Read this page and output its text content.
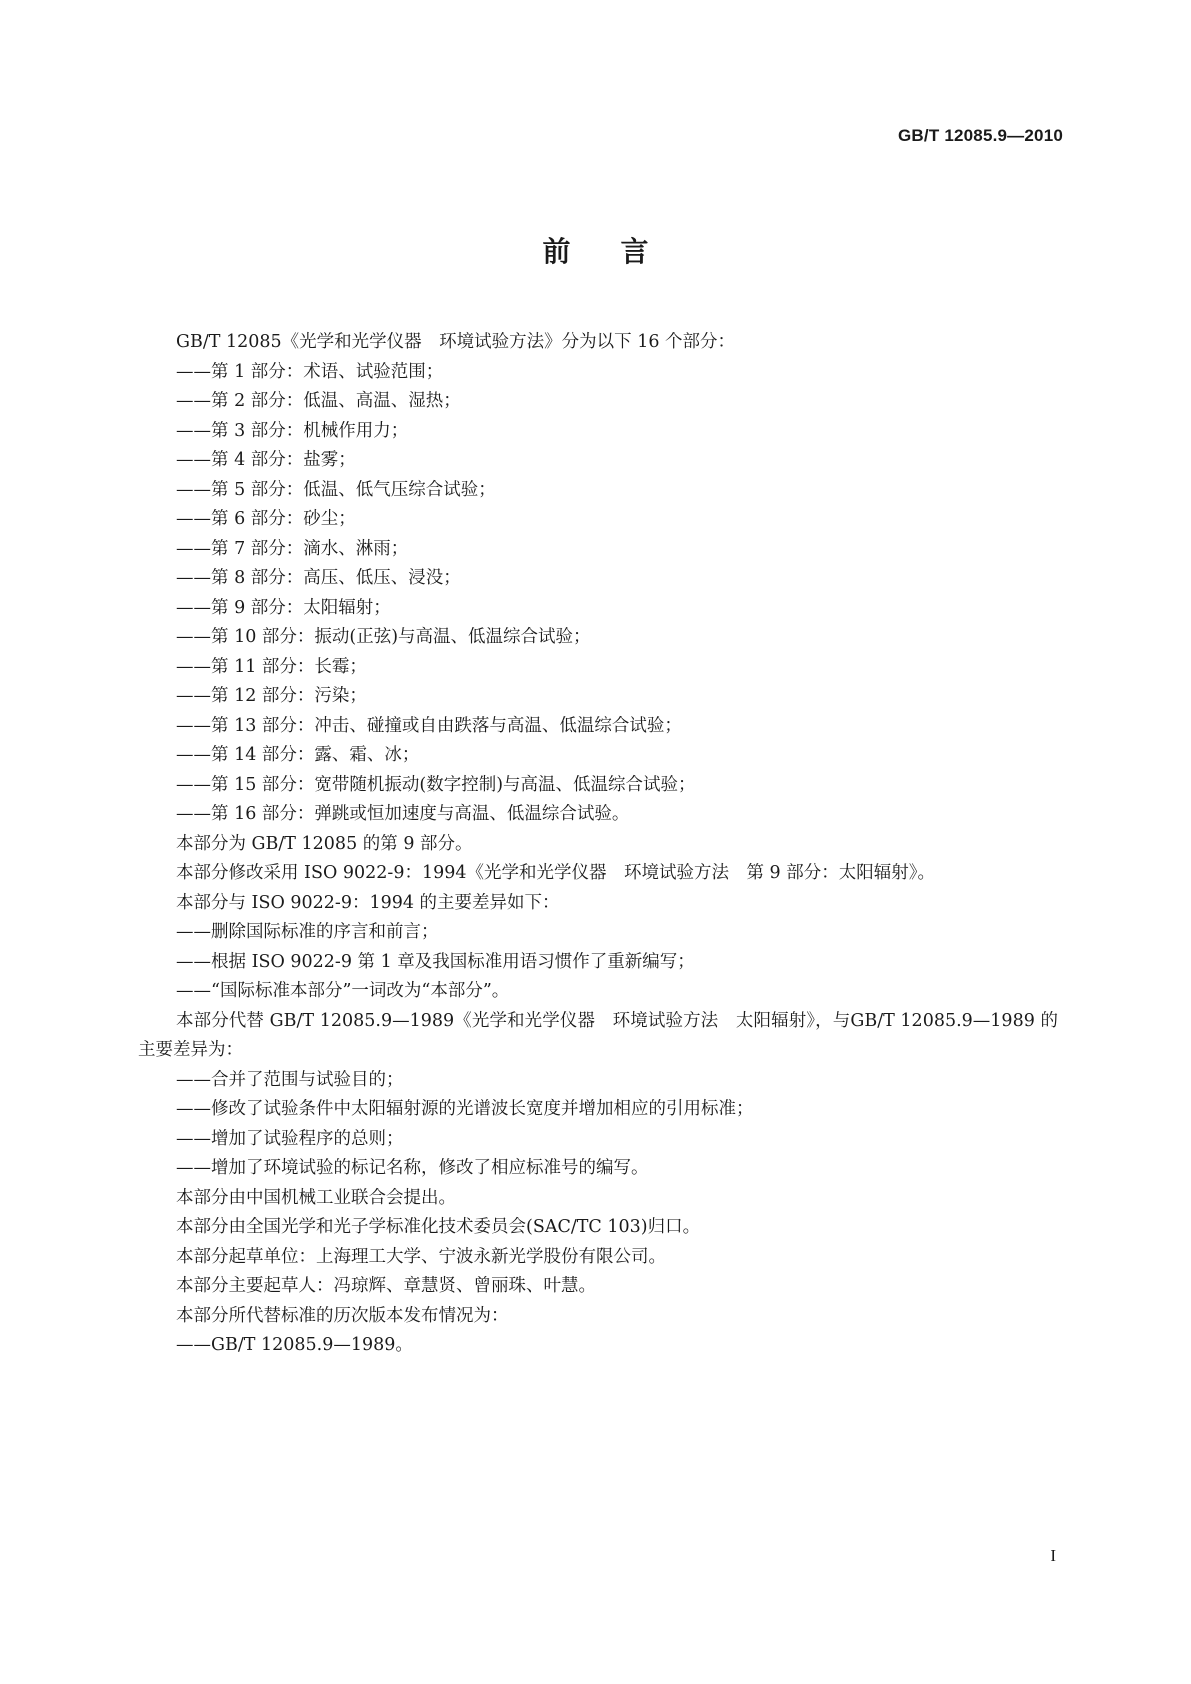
GB/T 12085.9—2010
前言
GB/T 12085《光学和光学仪器　环境试验方法》分为以下 16 个部分：
——第 1 部分：术语、试验范围；
——第 2 部分：低温、高温、湿热；
——第 3 部分：机械作用力；
——第 4 部分：盐雾；
——第 5 部分：低温、低气压综合试验；
——第 6 部分：砂尘；
——第 7 部分：滴水、淋雨；
——第 8 部分：高压、低压、浸没；
——第 9 部分：太阳辐射；
——第 10 部分：振动(正弦)与高温、低温综合试验；
——第 11 部分：长霉；
——第 12 部分：污染；
——第 13 部分：冲击、碰撞或自由跌落与高温、低温综合试验；
——第 14 部分：露、霜、冰；
——第 15 部分：宽带随机振动(数字控制)与高温、低温综合试验；
——第 16 部分：弹跳或恒加速度与高温、低温综合试验。
本部分为 GB/T 12085 的第 9 部分。
本部分修改采用 ISO 9022-9：1994《光学和光学仪器　环境试验方法　第 9 部分：太阳辐射》。
本部分与 ISO 9022-9：1994 的主要差异如下：
——删除国际标准的序言和前言；
——根据 ISO 9022-9 第 1 章及我国标准用语习惯作了重新编写；
——“国际标准本部分”一词改为“本部分”。
本部分代替 GB/T 12085.9—1989《光学和光学仪器　环境试验方法　太阳辐射》，与GB/T 12085.9—1989 的主要差异为：
——合并了范围与试验目的；
——修改了试验条件中太阳辐射源的光谱波长宽度并增加相应的引用标准；
——增加了试验程序的总则；
——增加了环境试验的标记名称，修改了相应标准号的编写。
本部分由中国机械工业联合会提出。
本部分由全国光学和光子学标准化技术委员会(SAC/TC 103)归口。
本部分起草单位：上海理工大学、宁波永新光学股份有限公司。
本部分主要起草人：冯琼辉、章慧贤、曾丽珠、叶慧。
本部分所代替标准的历次版本发布情况为：
——GB/T 12085.9—1989。
I
